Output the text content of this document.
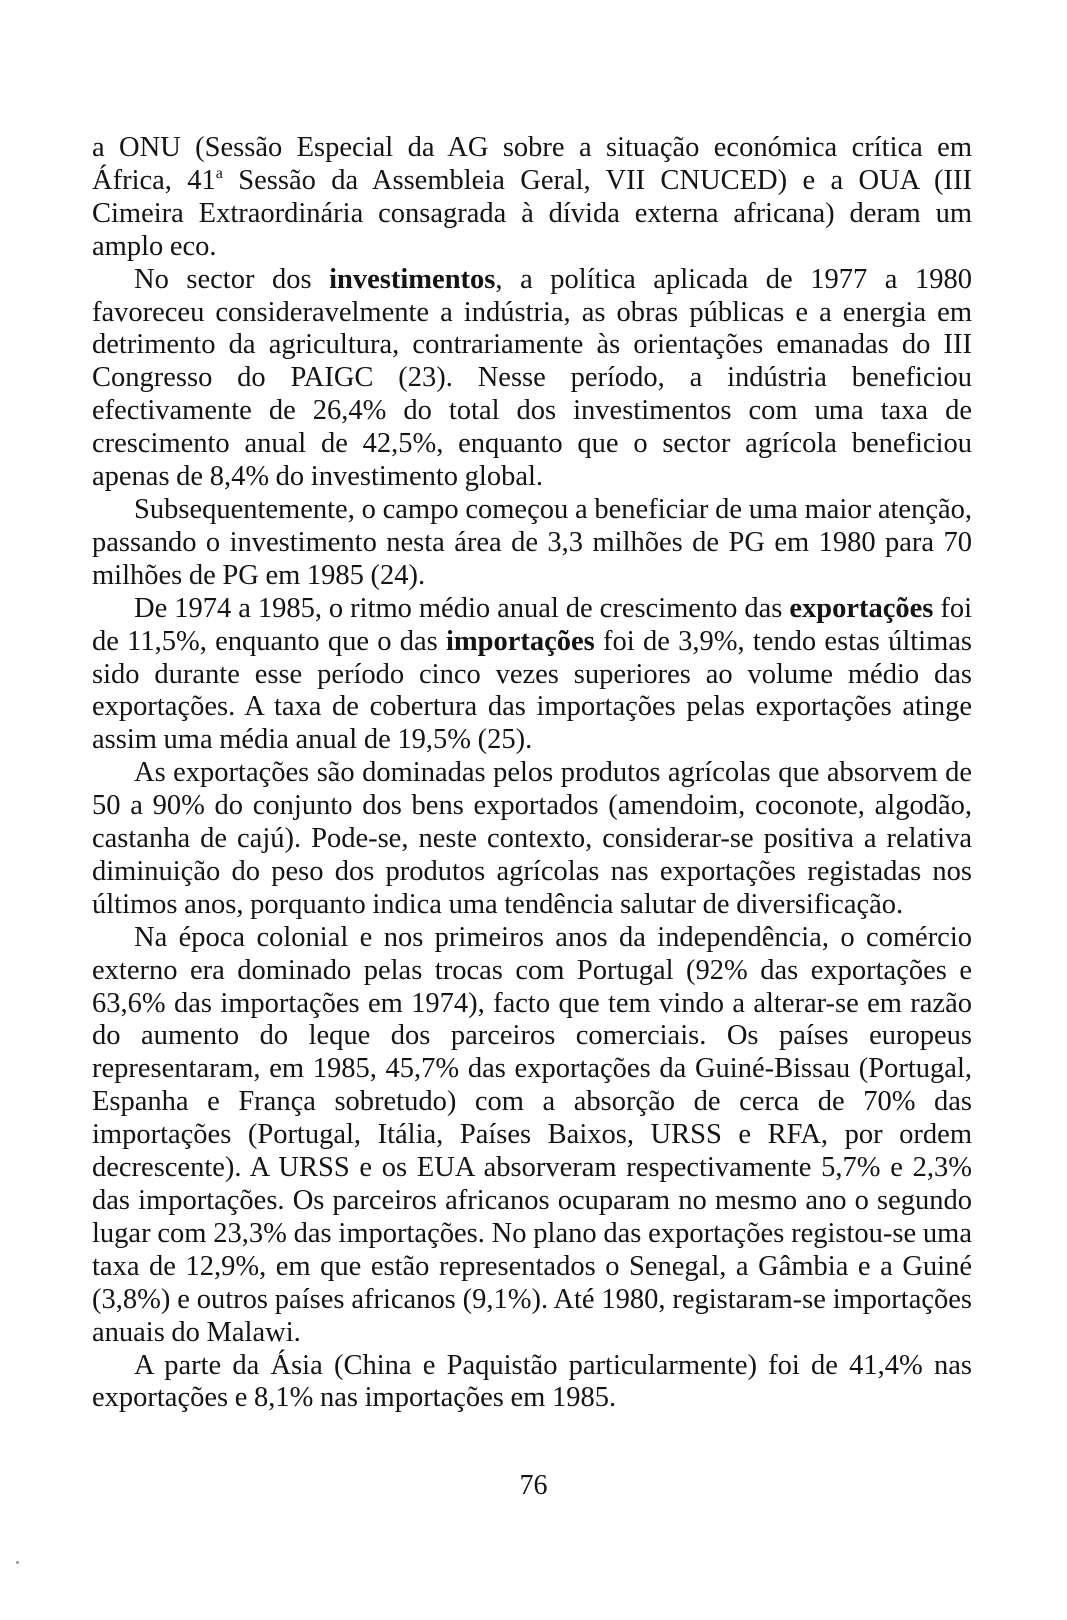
a ONU (Sessão Especial da AG sobre a situação económica crítica em África, 41$^a$ Sessão da Assembleia Geral, VII CNUCED) e a OUA (III Cimeira Extraordinária consagrada à dívida externa africana) deram um amplo eco.

No sector dos investimentos, a política aplicada de 1977 a 1980 favoreceu consideravelmente a indústria, as obras públicas e a energia em detrimento da agricultura, contrariamente às orientações emanadas do III Congresso do PAIGC (23). Nesse período, a indústria beneficiou efectivamente de 26,4% do total dos investimentos com uma taxa de crescimento anual de 42,5%, enquanto que o sector agrícola beneficiou apenas de 8,4% do investimento global.

Subsequentemente, o campo começou a beneficiar de uma maior atenção, passando o investimento nesta área de 3,3 milhões de PG em 1980 para 70 milhões de PG em 1985 (24).

De 1974 a 1985, o ritmo médio anual de crescimento das exportações foi de 11,5%, enquanto que o das importações foi de 3,9%, tendo estas últimas sido durante esse período cinco vezes superiores ao volume médio das exportações. A taxa de cobertura das importações pelas exportações atinge assim uma média anual de 19,5% (25).

As exportações são dominadas pelos produtos agrícolas que absorvem de 50 a 90% do conjunto dos bens exportados (amendoim, coconote, algodão, castanha de cajú). Pode-se, neste contexto, considerar-se positiva a relativa diminuição do peso dos produtos agrícolas nas exportações registadas nos últimos anos, porquanto indica uma tendência salutar de diversificação.

Na época colonial e nos primeiros anos da independência, o comércio externo era dominado pelas trocas com Portugal (92% das exportações e 63,6% das importações em 1974), facto que tem vindo a alterar-se em razão do aumento do leque dos parceiros comerciais. Os países europeus representaram, em 1985, 45,7% das exportações da Guiné-Bissau (Portugal, Espanha e França sobretudo) com a absorção de cerca de 70% das importações (Portugal, Itália, Países Baixos, URSS e RFA, por ordem decrescente). A URSS e os EUA absorveram respectivamente 5,7% e 2,3% das importações. Os parceiros africanos ocuparam no mesmo ano o segundo lugar com 23,3% das importações. No plano das exportações registou-se uma taxa de 12,9%, em que estão representados o Senegal, a Gâmbia e a Guiné (3,8%) e outros países africanos (9,1%). Até 1980, registaram-se importações anuais do Malawi.

A parte da Ásia (China e Paquistão particularmente) foi de 41,4% nas exportações e 8,1% nas importações em 1985.

76
